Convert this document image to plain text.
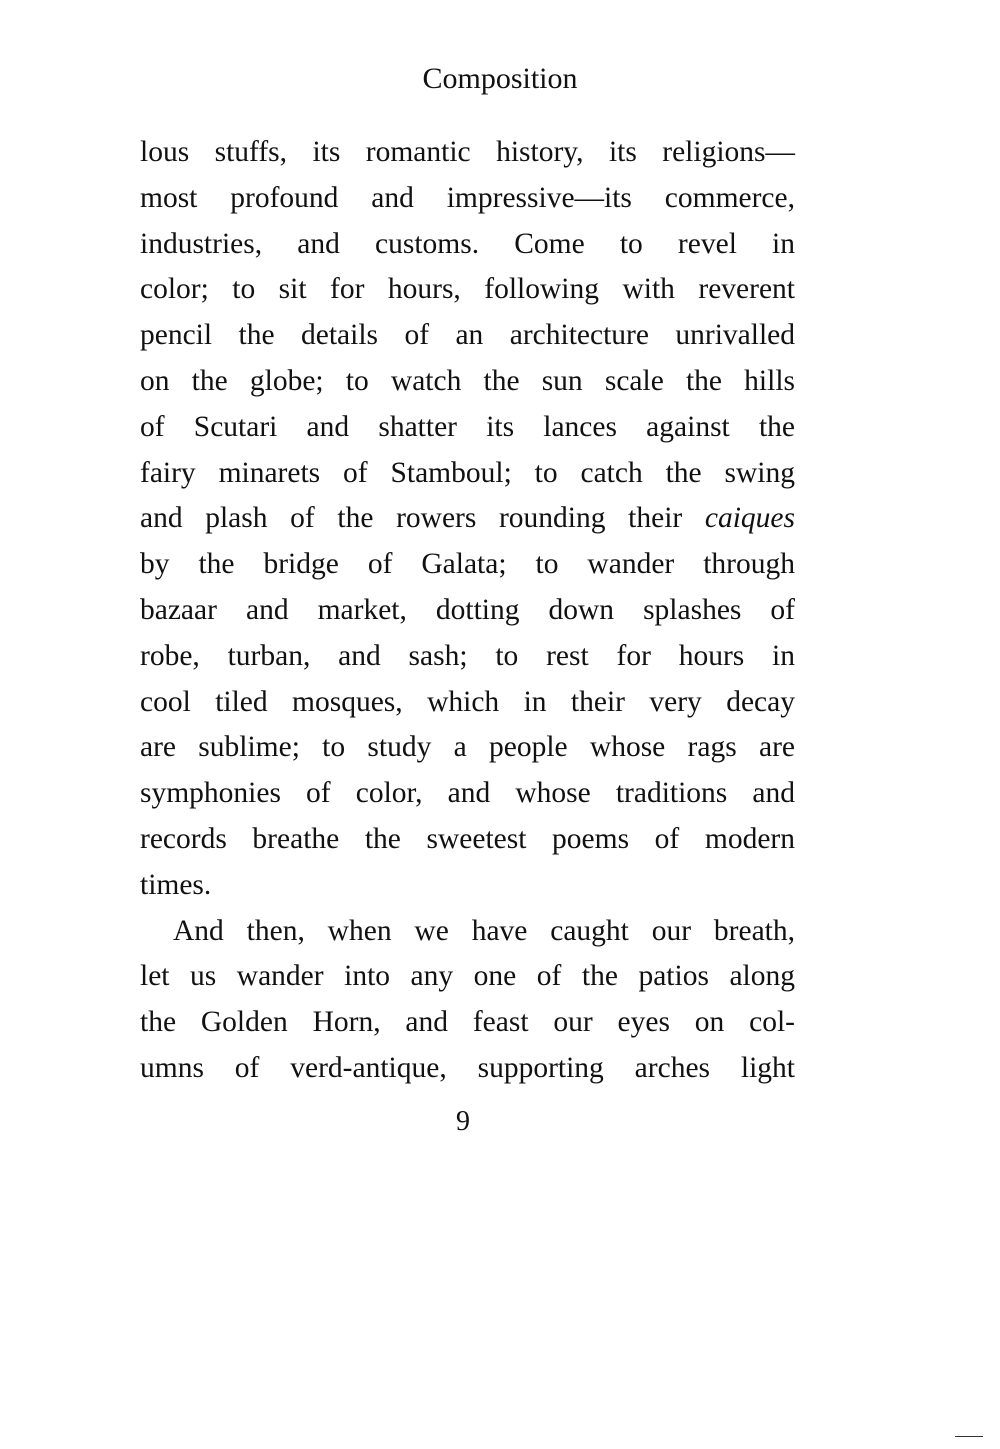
Composition
lous stuffs, its romantic history, its religions—
most profound and impressive—its commerce,
industries, and customs. Come to revel in
color; to sit for hours, following with reverent
pencil the details of an architecture unrivalled
on the globe; to watch the sun scale the hills
of Scutari and shatter its lances against the
fairy minarets of Stamboul; to catch the swing
and plash of the rowers rounding their caiques
by the bridge of Galata; to wander through
bazaar and market, dotting down splashes of
robe, turban, and sash; to rest for hours in
cool tiled mosques, which in their very decay
are sublime; to study a people whose rags are
symphonies of color, and whose traditions and
records breathe the sweetest poems of modern
times.
And then, when we have caught our breath,
let us wander into any one of the patios along
the Golden Horn, and feast our eyes on col-
umns of verd-antique, supporting arches light
9
